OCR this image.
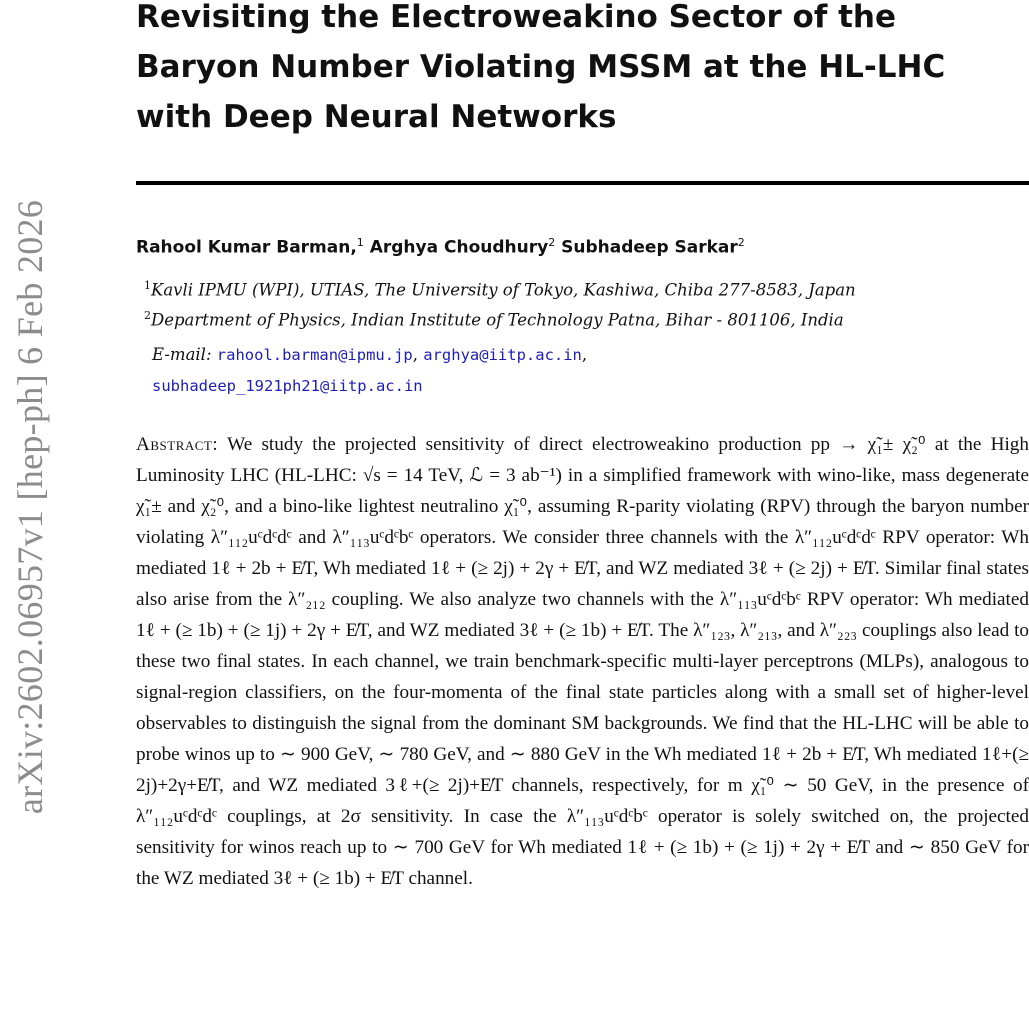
arXiv:2602.06957v1 [hep-ph] 6 Feb 2026
Revisiting the Electroweakino Sector of the Baryon Number Violating MSSM at the HL-LHC with Deep Neural Networks
Rahool Kumar Barman,$^1$ Arghya Choudhury$^2$ Subhadeep Sarkar$^2$
$^1$Kavli IPMU (WPI), UTIAS, The University of Tokyo, Kashiwa, Chiba 277-8583, Japan
$^2$Department of Physics, Indian Institute of Technology Patna, Bihar - 801106, India
E-mail: rahool.barman@ipmu.jp, arghya@iitp.ac.in,
subhadeep_1921ph21@iitp.ac.in

Abstract: We study the projected sensitivity of direct electroweakino production pp → χ̃₁± χ̃₂⁰ at the High Luminosity LHC (HL-LHC: √s = 14 TeV, ℒ = 3 ab⁻¹) in a simplified framework with wino-like, mass degenerate χ̃₁± and χ̃₂⁰, and a bino-like lightest neutralino χ̃₁⁰, assuming R-parity violating (RPV) through the baryon number violating λ″₁₁₂uᶜdᶜdᶜ and λ″₁₁₃uᶜdᶜbᶜ operators. We consider three channels with the λ″₁₁₂uᶜdᶜdᶜ RPV operator: Wh mediated 1ℓ + 2b + E̸T, Wh mediated 1ℓ + (≥ 2j) + 2γ + E̸T, and WZ mediated 3ℓ + (≥ 2j) + E̸T. Similar final states also arise from the λ″₂₁₂ coupling. We also analyze two channels with the λ″₁₁₃uᶜdᶜbᶜ RPV operator: Wh mediated 1ℓ + (≥ 1b) + (≥ 1j) + 2γ + E̸T, and WZ mediated 3ℓ + (≥ 1b) + E̸T. The λ″₁₂₃, λ″₂₁₃, and λ″₂₂₃ couplings also lead to these two final states. In each channel, we train benchmark-specific multi-layer perceptrons (MLPs), analogous to signal-region classifiers, on the four-momenta of the final state particles along with a small set of higher-level observables to distinguish the signal from the dominant SM backgrounds. We find that the HL-LHC will be able to probe winos up to ∼ 900 GeV, ∼ 780 GeV, and ∼ 880 GeV in the Wh mediated 1ℓ + 2b + E̸T, Wh mediated 1ℓ+(≥ 2j)+2γ+E̸T, and WZ mediated 3ℓ+(≥ 2j)+E̸T channels, respectively, for m χ̃₁⁰ ∼ 50 GeV, in the presence of λ″₁₁₂uᶜdᶜdᶜ couplings, at 2σ sensitivity. In case the λ″₁₁₃uᶜdᶜbᶜ operator is solely switched on, the projected sensitivity for winos reach up to ∼ 700 GeV for Wh mediated 1ℓ + (≥ 1b) + (≥ 1j) + 2γ + E̸T and ∼ 850 GeV for the WZ mediated 3ℓ + (≥ 1b) + E̸T channel.
